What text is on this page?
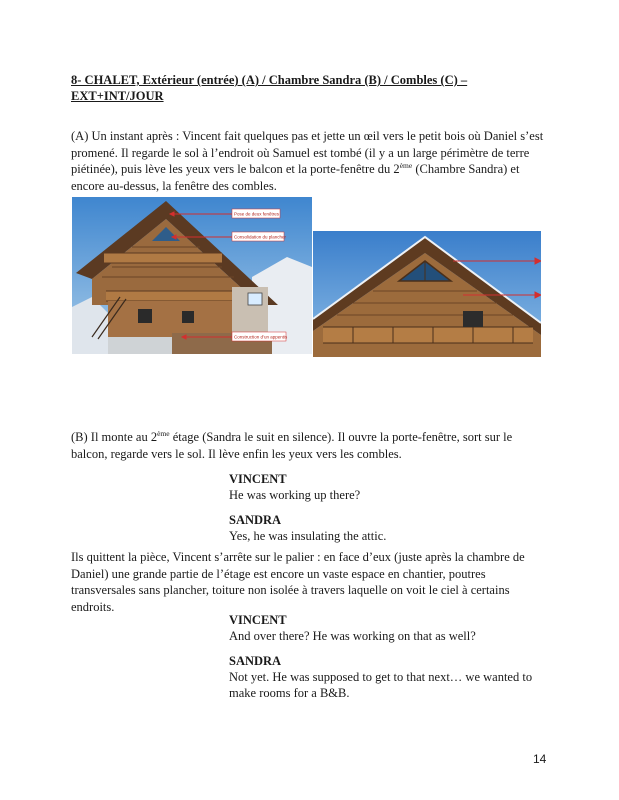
8- CHALET, Extérieur (entrée) (A) / Chambre Sandra (B) / Combles (C) –
EXT+INT/JOUR
(A) Un instant après : Vincent fait quelques pas et jette un œil vers le petit bois où Daniel s’est promené. Il regarde le sol à l’endroit où Samuel est tombé (il y a un large périmètre de terre piétinée), puis lève les yeux vers le balcon et la porte-fenêtre du 2ème (Chambre Sandra) et encore au-dessus, la fenêtre des combles.
Pose de deux fenêtres
Consolidation du plancher
Construction d’un appentis
(B) Il monte au 2ème étage (Sandra le suit en silence). Il ouvre la porte-fenêtre, sort sur le balcon, regarde vers le sol. Il lève enfin les yeux vers les combles.
VINCENT
He was working up there?
SANDRA
Yes, he was insulating the attic.
Ils quittent la pièce, Vincent s’arrête sur le palier : en face d’eux (juste après la chambre de Daniel) une grande partie de l’étage est encore un vaste espace en chantier, poutres transversales sans plancher, toiture non isolée à travers laquelle on voit le ciel à certains endroits.
VINCENT
And over there? He was working on that as well?
SANDRA
Not yet. He was supposed to get to that next… we wanted to
make rooms for a B&B.
14
